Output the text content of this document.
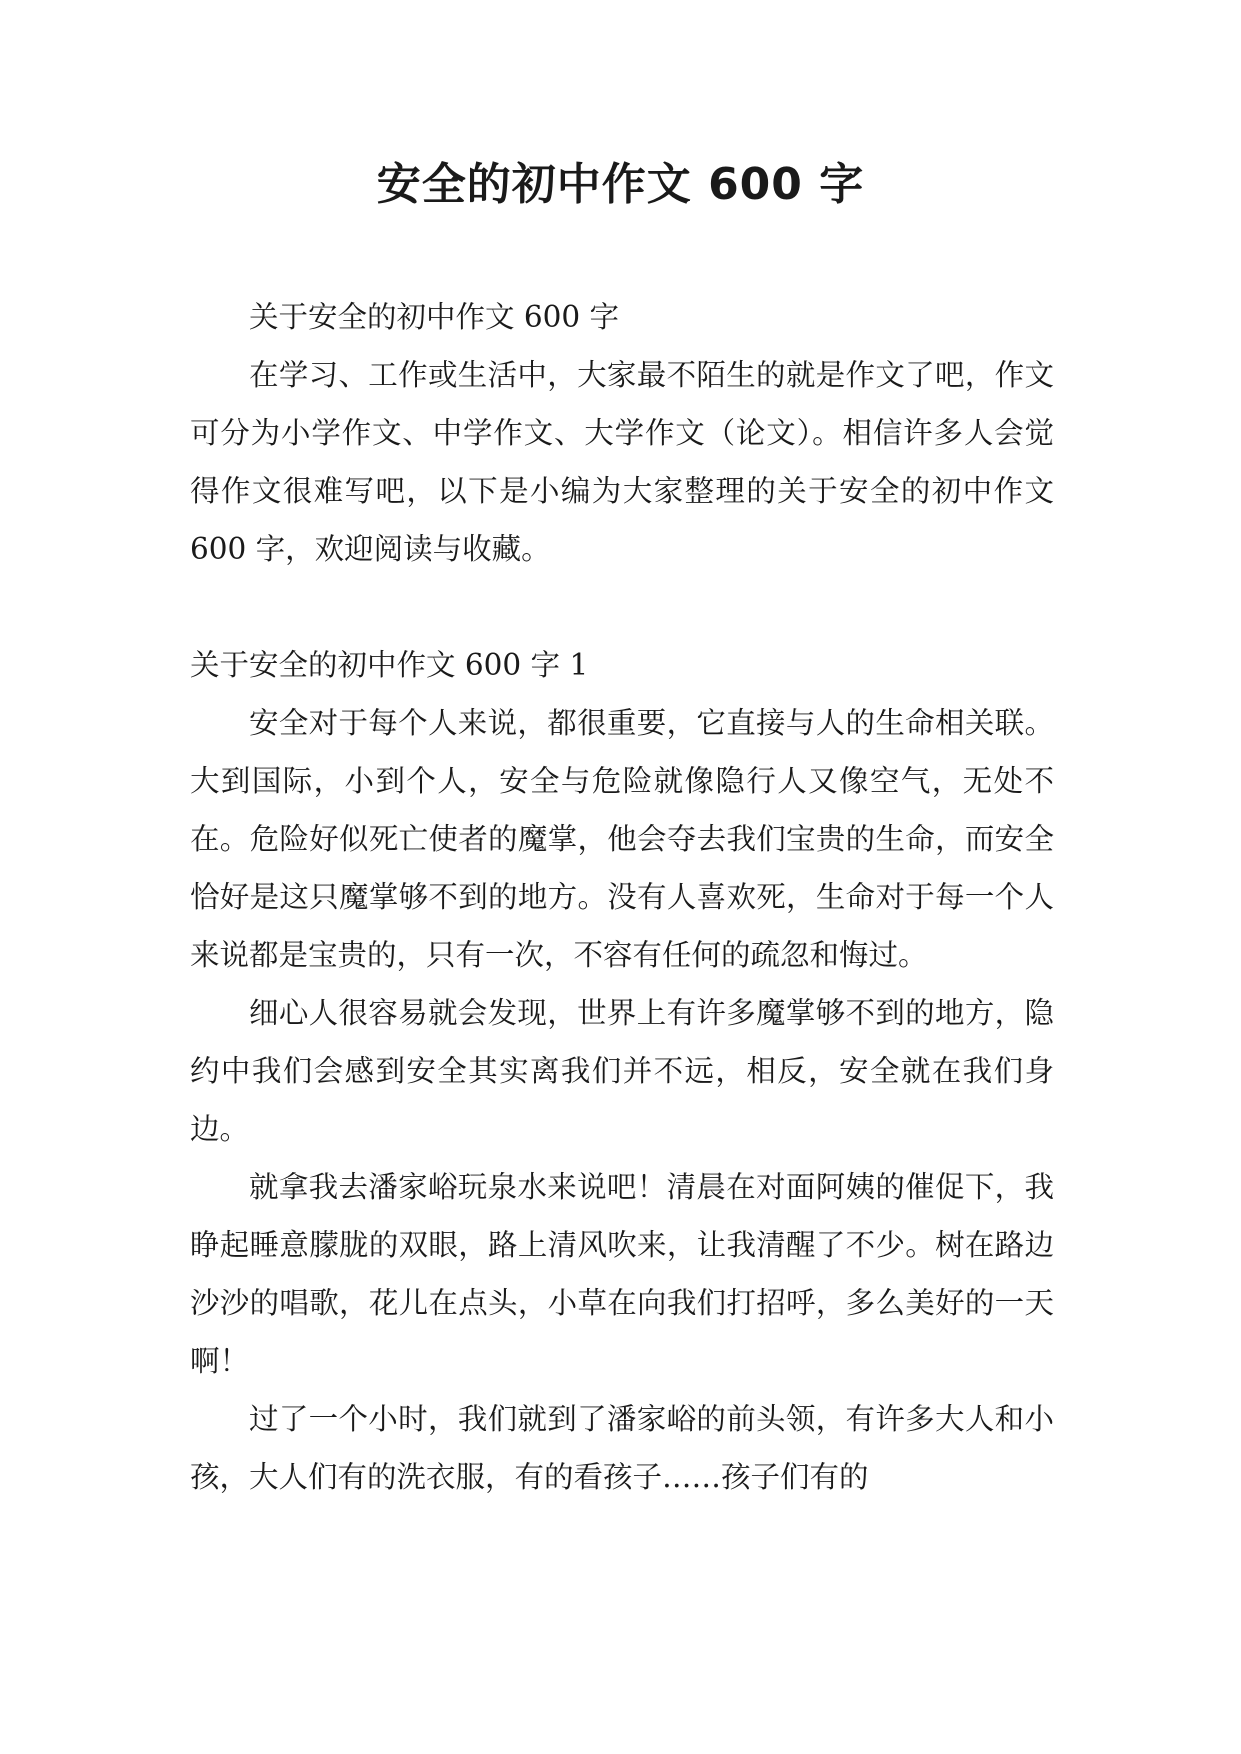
安全的初中作文 600 字

关于安全的初中作文 600 字

在学习、工作或生活中，大家最不陌生的就是作文了吧，作文可分为小学作文、中学作文、大学作文（论文）。相信许多人会觉得作文很难写吧，以下是小编为大家整理的关于安全的初中作文 600 字，欢迎阅读与收藏。

关于安全的初中作文 600 字 1

安全对于每个人来说，都很重要，它直接与人的生命相关联。大到国际，小到个人，安全与危险就像隐行人又像空气，无处不在。危险好似死亡使者的魔掌，他会夺去我们宝贵的生命，而安全恰好是这只魔掌够不到的地方。没有人喜欢死，生命对于每一个人来说都是宝贵的，只有一次，不容有任何的疏忽和悔过。

细心人很容易就会发现，世界上有许多魔掌够不到的地方，隐约中我们会感到安全其实离我们并不远，相反，安全就在我们身边。

就拿我去潘家峪玩泉水来说吧！清晨在对面阿姨的催促下，我睁起睡意朦胧的双眼，路上清风吹来，让我清醒了不少。树在路边沙沙的唱歌，花儿在点头，小草在向我们打招呼，多么美好的一天啊！

过了一个小时，我们就到了潘家峪的前头领，有许多大人和小孩，大人们有的洗衣服，有的看孩子……孩子们有的
